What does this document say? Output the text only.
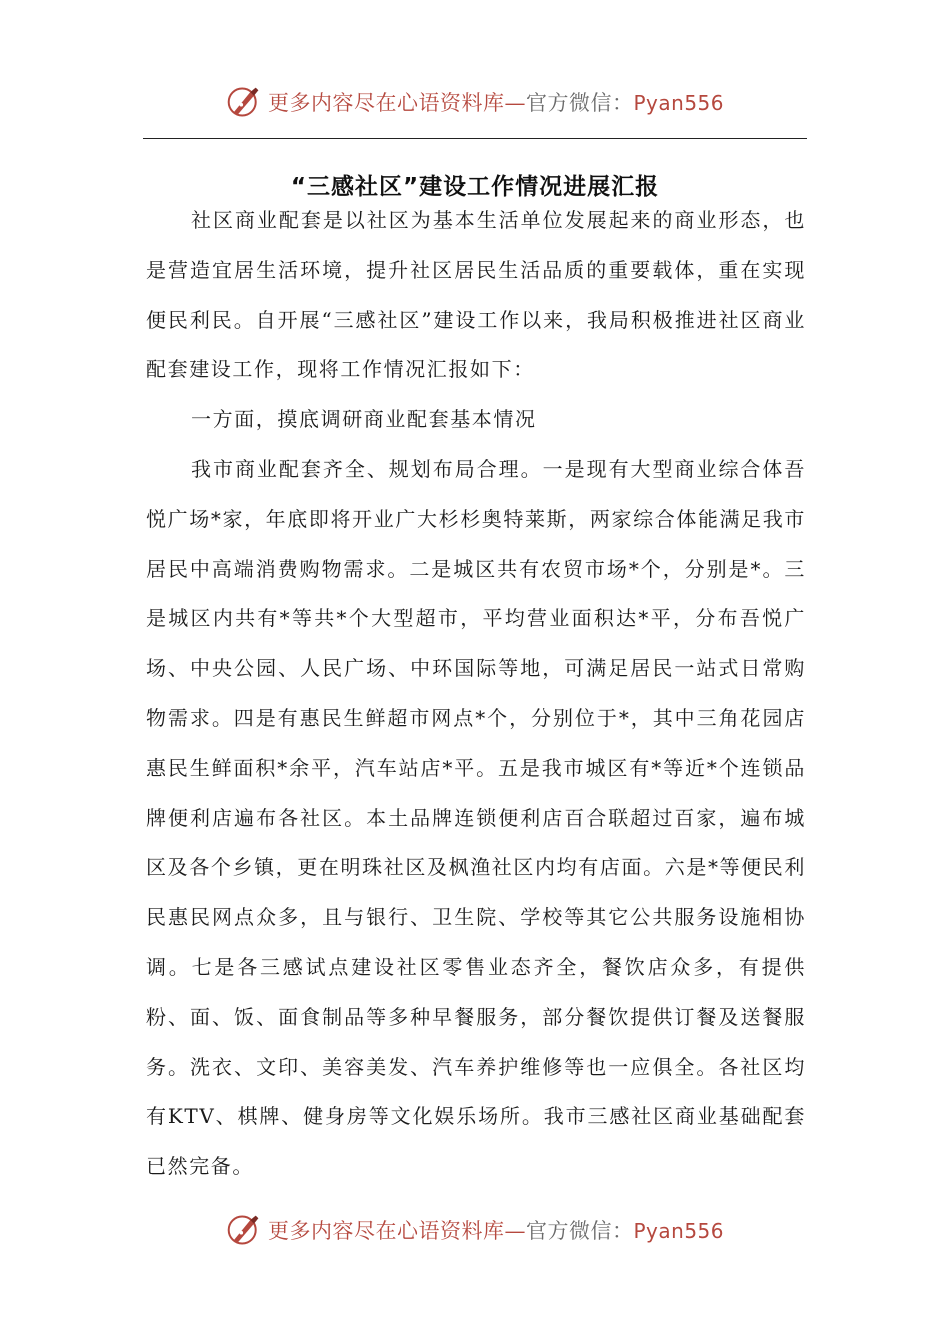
更多内容尽在心语资料库—官方微信：Pyan556
“三感社区”建设工作情况进展汇报

社区商业配套是以社区为基本生活单位发展起来的商业形态，也是营造宜居生活环境，提升社区居民生活品质的重要载体，重在实现便民利民。自开展“三感社区”建设工作以来，我局积极推进社区商业配套建设工作，现将工作情况汇报如下：

一方面，摸底调研商业配套基本情况

我市商业配套齐全、规划布局合理。一是现有大型商业综合体吾悦广场*家，年底即将开业广大杉杉奥特莱斯，两家综合体能满足我市居民中高端消费购物需求。二是城区共有农贸市场*个，分别是*。三是城区内共有*等共*个大型超市，平均营业面积达*平，分布吾悦广场、中央公园、人民广场、中环国际等地，可满足居民一站式日常购物需求。四是有惠民生鲜超市网点*个，分别位于*，其中三角花园店惠民生鲜面积*余平，汽车站店*平。五是我市城区有*等近*个连锁品牌便利店遍布各社区。本土品牌连锁便利店百合联超过百家，遍布城区及各个乡镇，更在明珠社区及枫渔社区内均有店面。六是*等便民利民惠民网点众多，且与银行、卫生院、学校等其它公共服务设施相协调。七是各三感试点建设社区零售业态齐全，餐饮店众多，有提供粉、面、饭、面食制品等多种早餐服务，部分餐饮提供订餐及送餐服务。洗衣、文印、美容美发、汽车养护维修等也一应俱全。各社区均有KTV、棋牌、健身房等文化娱乐场所。我市三感社区商业基础配套已然完备。

更多内容尽在心语资料库—官方微信：Pyan556
